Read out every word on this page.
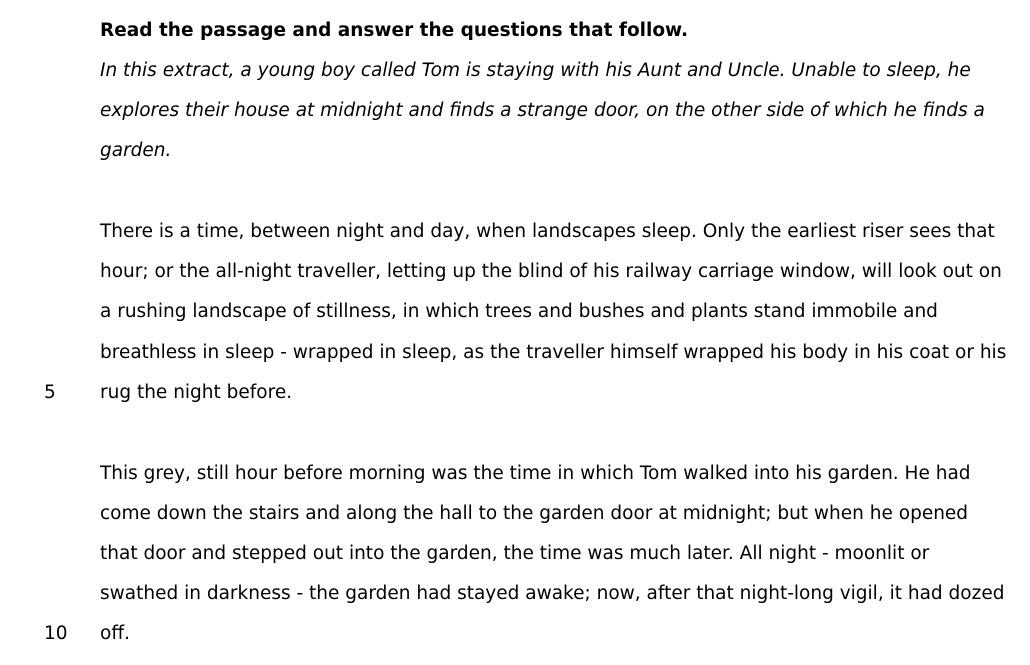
Read the passage and answer the questions that follow.
In this extract, a young boy called Tom is staying with his Aunt and Uncle. Unable to sleep, he
explores their house at midnight and finds a strange door, on the other side of which he finds a
garden.
There is a time, between night and day, when landscapes sleep. Only the earliest riser sees that
hour; or the all-night traveller, letting up the blind of his railway carriage window, will look out on
a rushing landscape of stillness, in which trees and bushes and plants stand immobile and
breathless in sleep - wrapped in sleep, as the traveller himself wrapped his body in his coat or his
rug the night before.
5
This grey, still hour before morning was the time in which Tom walked into his garden. He had
come down the stairs and along the hall to the garden door at midnight; but when he opened
that door and stepped out into the garden, the time was much later. All night - moonlit or
swathed in darkness - the garden had stayed awake; now, after that night-long vigil, it had dozed
off.
10
